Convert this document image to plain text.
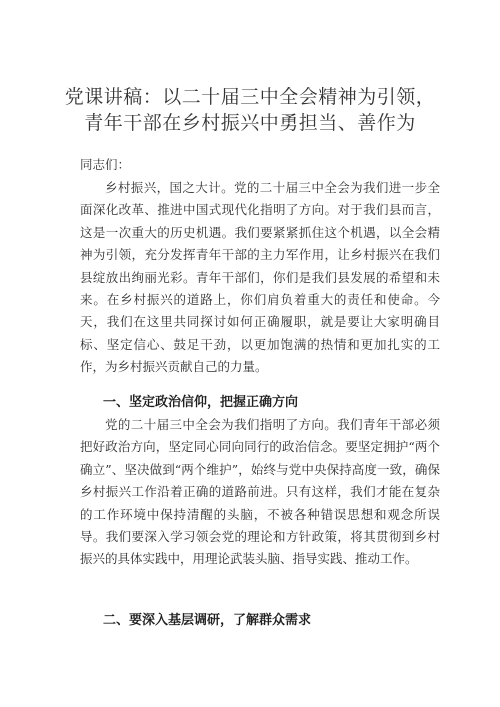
党课讲稿：以二十届三中全会精神为引领，
青年干部在乡村振兴中勇担当、善作为
同志们：

乡村振兴，国之大计。党的二十届三中全会为我们进一步全面深化改革、推进中国式现代化指明了方向。对于我们县而言，这是一次重大的历史机遇。我们要紧紧抓住这个机遇，以全会精神为引领，充分发挥青年干部的主力军作用，让乡村振兴在我们县绽放出绚丽光彩。青年干部们，你们是我们县发展的希望和未来。在乡村振兴的道路上，你们肩负着重大的责任和使命。今天，我们在这里共同探讨如何正确履职，就是要让大家明确目标、坚定信心、鼓足干劲，以更加饱满的热情和更加扎实的工作，为乡村振兴贡献自己的力量。

一、坚定政治信仰，把握正确方向

党的二十届三中全会为我们指明了方向。我们青年干部必须把好政治方向，坚定同心同向同行的政治信念。要坚定拥护“两个确立”、坚决做到“两个维护”，始终与党中央保持高度一致，确保乡村振兴工作沿着正确的道路前进。只有这样，我们才能在复杂的工作环境中保持清醒的头脑，不被各种错误思想和观念所误导。我们要深入学习领会党的理论和方针政策，将其贯彻到乡村振兴的具体实践中，用理论武装头脑、指导实践、推动工作。

二、要深入基层调研，了解群众需求
